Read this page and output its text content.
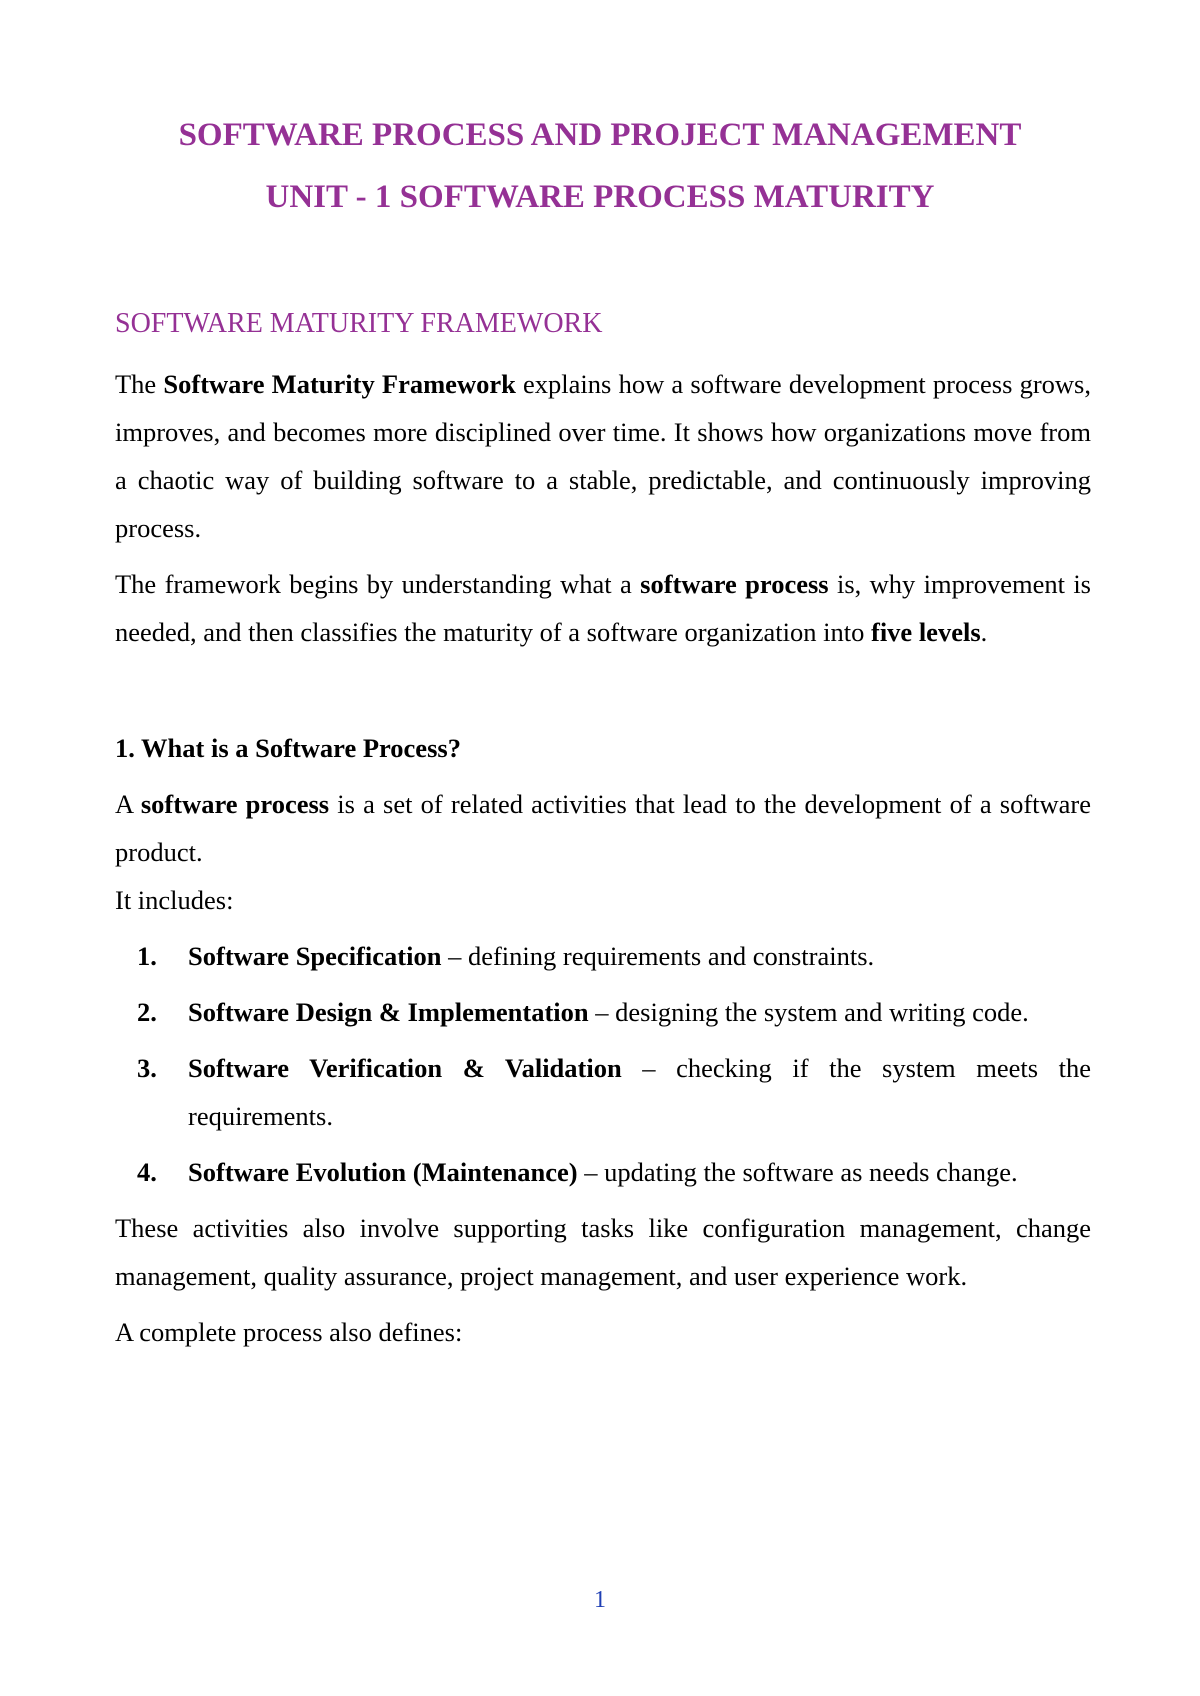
SOFTWARE PROCESS AND PROJECT MANAGEMENT
UNIT - 1 SOFTWARE PROCESS MATURITY
SOFTWARE MATURITY FRAMEWORK

The Software Maturity Framework explains how a software development process grows, improves, and becomes more disciplined over time. It shows how organizations move from a chaotic way of building software to a stable, predictable, and continuously improving process.

The framework begins by understanding what a software process is, why improvement is needed, and then classifies the maturity of a software organization into five levels.

1. What is a Software Process?

A software process is a set of related activities that lead to the development of a software product.

It includes:

1. Software Specification – defining requirements and constraints.
2. Software Design & Implementation – designing the system and writing code.
3. Software Verification & Validation – checking if the system meets the requirements.
4. Software Evolution (Maintenance) – updating the software as needs change.

These activities also involve supporting tasks like configuration management, change management, quality assurance, project management, and user experience work.

A complete process also defines:

1
